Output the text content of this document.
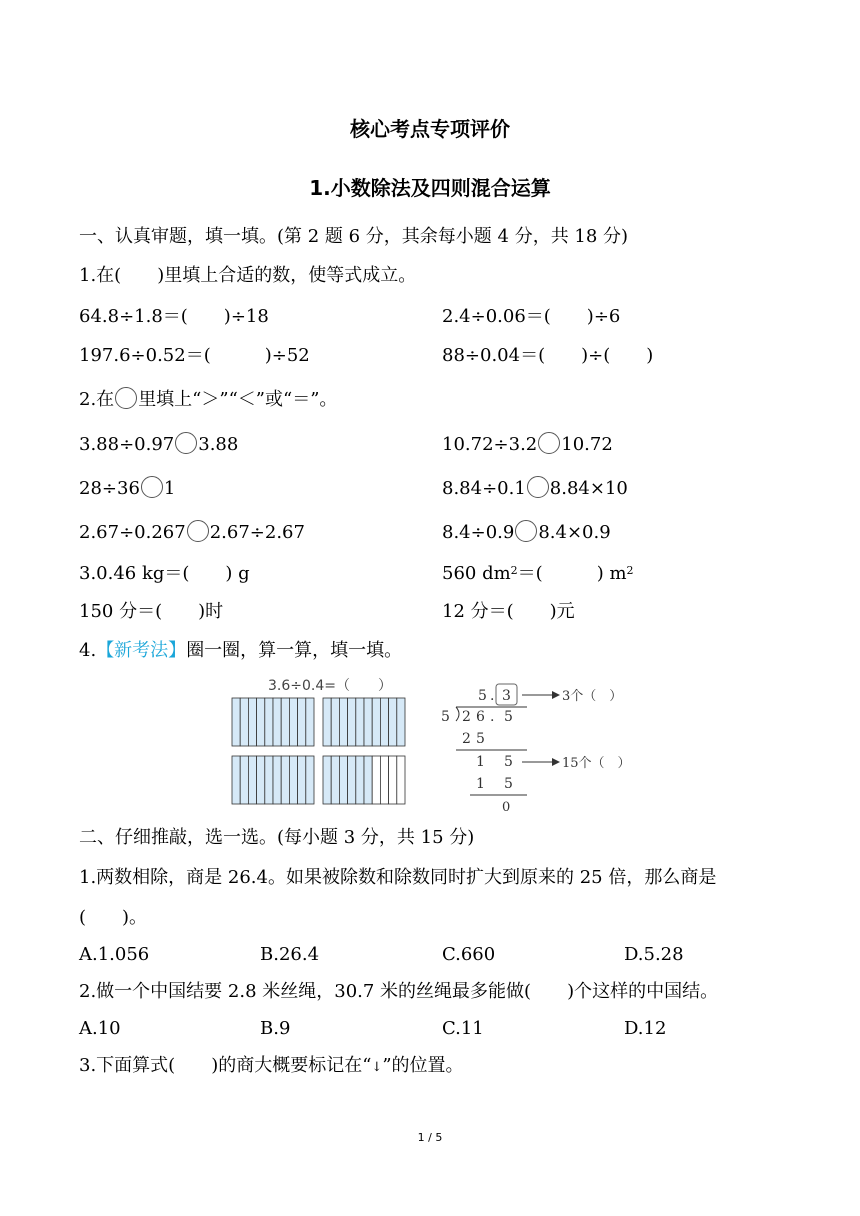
核心考点专项评价
1.小数除法及四则混合运算
一、认真审题，填一填。(第 2 题 6 分，其余每小题 4 分，共 18 分)
1.在(　　)里填上合适的数，使等式成立。
64.8÷1.8＝(　　)÷18	2.4÷0.06＝(　　)÷6
197.6÷0.52＝(　　　)÷52	88÷0.04＝(　　)÷(　　)
2.在 里填上“＞”“＜”或“＝”。
3.88÷0.97 3.88	10.72÷3.2 10.72
28÷36 1	8.84÷0.1 8.84×10
2.67÷0.267 2.67÷2.67	8.4÷0.9 8.4×0.9
3.0.46 kg＝(　　) g	560 $dm^2=$(　　　) $m^2$
150 分＝(　　)时	12 分＝(　　)元
4.【新考法】圈一圈，算一算，填一填。
3.6÷0.4=（　　）
5 . 3	3个（　）
5 2 6 . 5
2 5
1 5	15个（　）
1 5
0
二、仔细推敲，选一选。(每小题 3 分，共 15 分)
1.两数相除，商是 26.4。如果被除数和除数同时扩大到原来的 25 倍，那么商是
(　　)。
A.1.056	B.26.4	C.660	D.5.28
2.做一个中国结要 2.8 米丝绳，30.7 米的丝绳最多能做(　　)个这样的中国结。
A.10	B.9	C.11	D.12
3.下面算式(　　)的商大概要标记在“↓”的位置。
1 / 5
